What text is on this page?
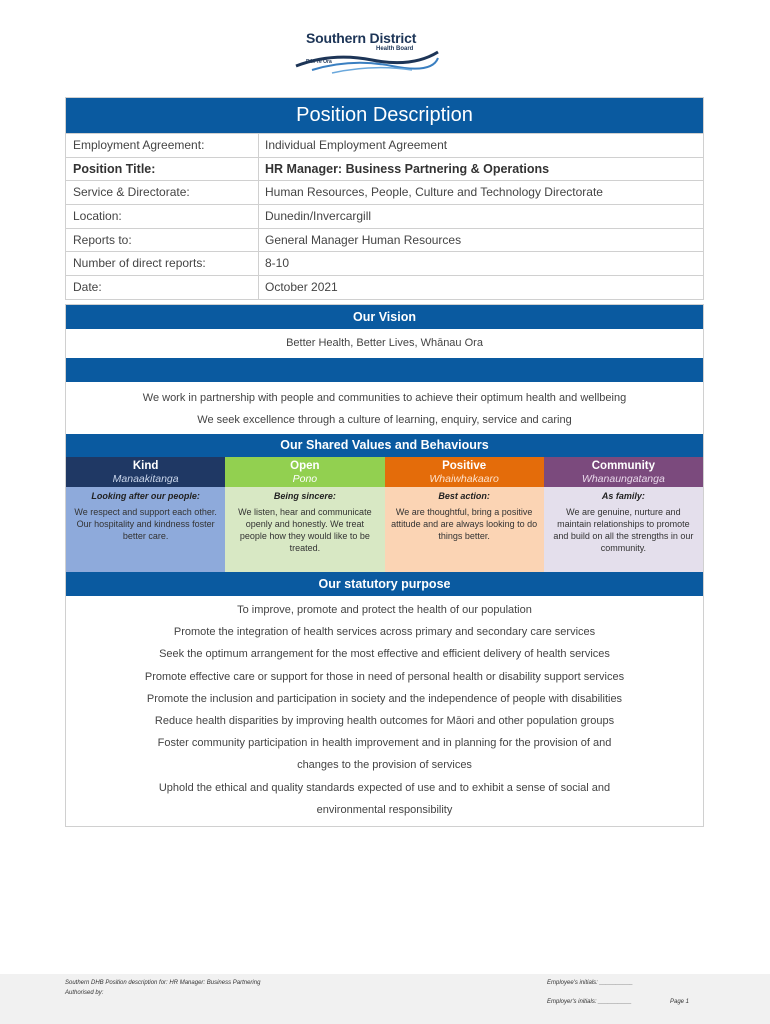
Southern District
Health Board
Piki Te Ora
Position Description
Employment Agreement:	Individual Employment Agreement
Position Title:	HR Manager: Business Partnering & Operations
Service & Directorate:	Human Resources, People, Culture and Technology Directorate
Location:	Dunedin/Invercargill
Reports to:	General Manager Human Resources
Number of direct reports:	8-10
Date:	October 2021
Our Vision
Better Health, Better Lives, Whānau Ora
We work in partnership with people and communities to achieve their optimum health and wellbeing
We seek excellence through a culture of learning, enquiry, service and caring
Our Shared Values and Behaviours
Kind
Manaakitanga
Looking after our people:
We respect and support each other. Our hospitality and kindness foster better care.
Open
Pono
Being sincere:
We listen, hear and communicate openly and honestly. We treat people how they would like to be treated.
Positive
Whaiwhakaaro
Best action:
We are thoughtful, bring a positive attitude and are always looking to do things better.
Community
Whanaungatanga
As family:
We are genuine, nurture and maintain relationships to promote and build on all the strengths in our community.
Our statutory purpose
To improve, promote and protect the health of our population
Promote the integration of health services across primary and secondary care services
Seek the optimum arrangement for the most effective and efficient delivery of health services
Promote effective care or support for those in need of personal health or disability support services
Promote the inclusion and participation in society and the independence of people with disabilities
Reduce health disparities by improving health outcomes for Māori and other population groups
Foster community participation in health improvement and in planning for the provision of and
changes to the provision of services
Uphold the ethical and quality standards expected of use and to exhibit a sense of social and
environmental responsibility
Southern DHB Position description for: HR Manager: Business Partnering
Authorised by:
Employee's initials: __________
Employer's initials: __________	Page 1
